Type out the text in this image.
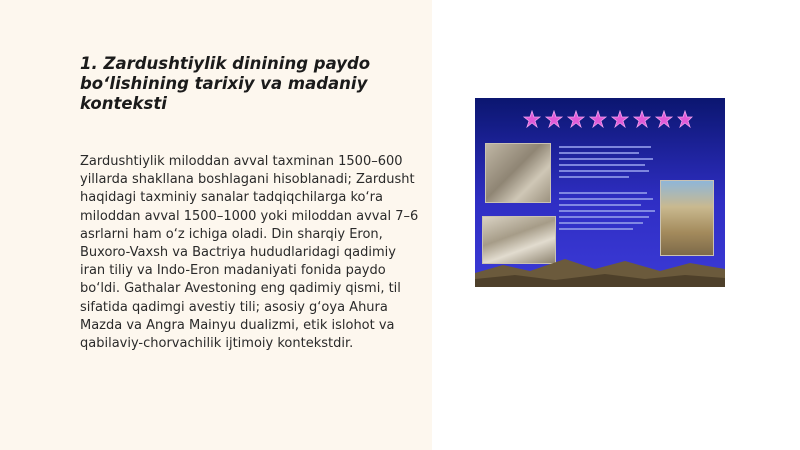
1. Zardushtiylik dinining paydo bo‘lishining tarixiy va madaniy konteksti

Zardushtiylik miloddan avval taxminan 1500–600 yillarda shakllana boshlagani hisoblanadi; Zardusht haqidagi taxminiy sanalar tadqiqchilarga ko‘ra miloddan avval 1500–1000 yoki miloddan avval 7–6 asrlarni ham o‘z ichiga oladi. Din sharqiy Eron, Buxoro-Vaxsh va Bactriya hududlaridagi qadimiy iran tiliy va Indo-Eron madaniyati fonida paydo bo‘ldi. Gathalar Avestoning eng qadimiy qismi, til sifatida qadimgi avestiy tili; asosiy g‘oya Ahura Mazda va Angra Mainyu dualizmi, etik islohot va qabilaviy-chorvachilik ijtimoiy kontekstdir.
